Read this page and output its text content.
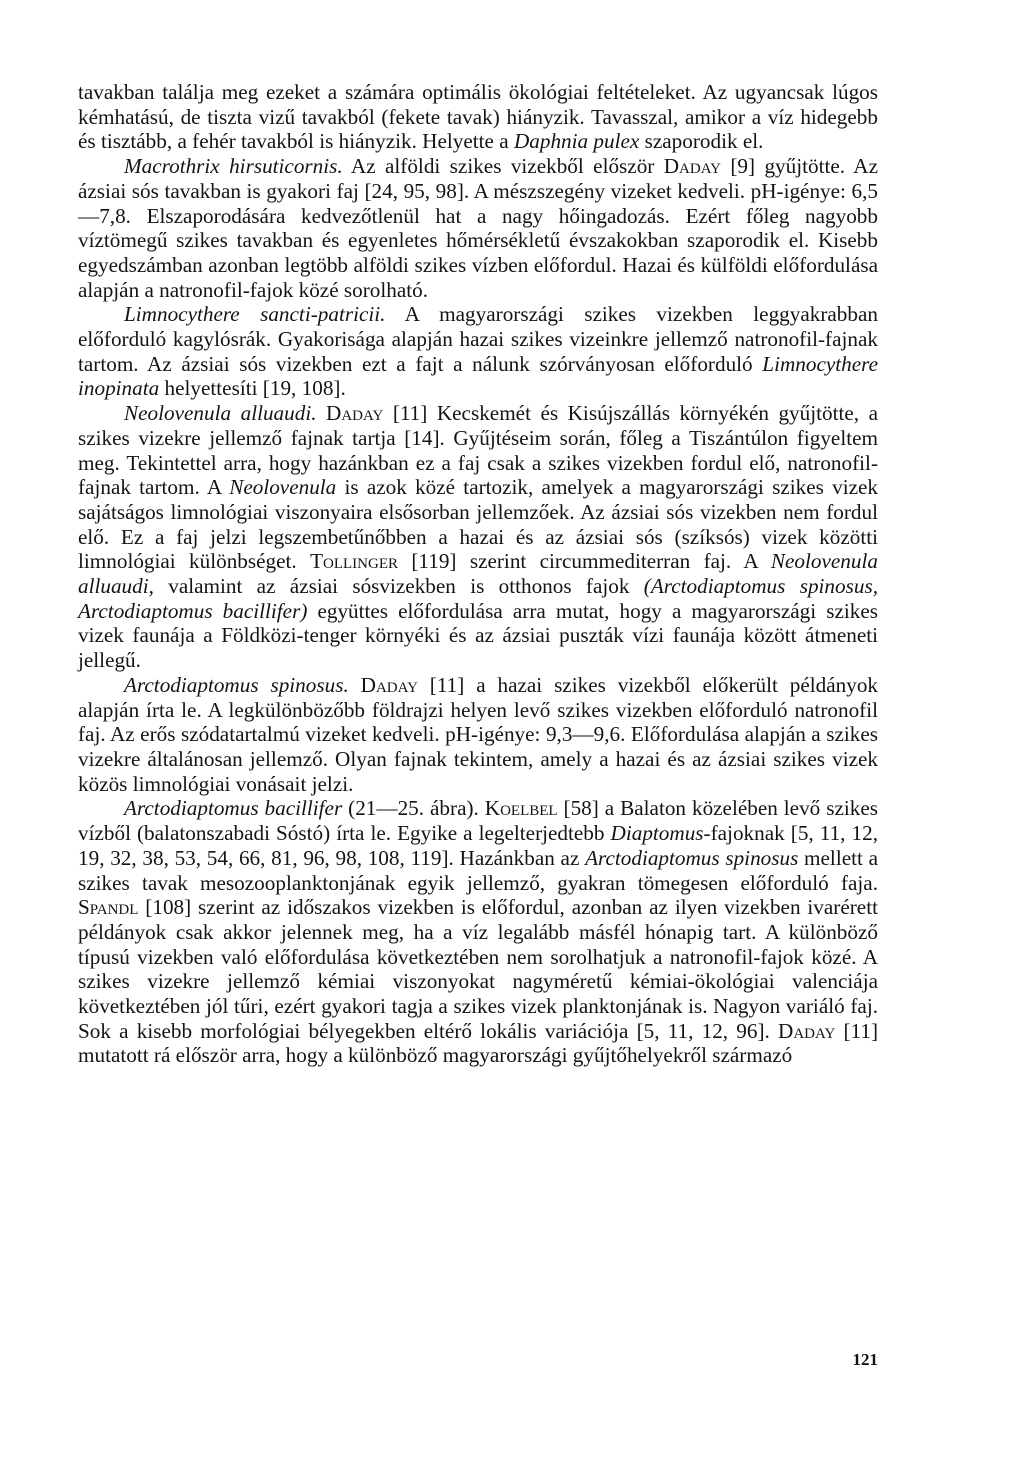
tavakban találja meg ezeket a számára optimális ökológiai feltételeket. Az ugyancsak lúgos kémhatású, de tiszta vizű tavakból (fekete tavak) hiányzik. Tavasszal, amikor a víz hidegebb és tisztább, a fehér tavakból is hiányzik. Helyette a Daphnia pulex szaporodik el.

Macrothrix hirsuticornis. Az alföldi szikes vizekből először Daday [9] gyűjtötte. Az ázsiai sós tavakban is gyakori faj [24, 95, 98]. A mészszegény vizeket kedveli. pH-igénye: 6,5—7,8. Elszaporodására kedvezőtlenül hat a nagy hőingadozás. Ezért főleg nagyobb víztömegű szikes tavakban és egyenletes hőmérsékletű évszakokban szaporodik el. Kisebb egyedszámban azonban legtöbb alföldi szikes vízben előfordul. Hazai és külföldi előfordulása alapján a natronofil-fajok közé sorolható.

Limnocythere sancti-patricii. A magyarországi szikes vizekben leggyakrabban előforduló kagylósrák. Gyakorisága alapján hazai szikes vizeinkre jellemző natronofil-fajnak tartom. Az ázsiai sós vizekben ezt a fajt a nálunk szórványosan előforduló Limnocythere inopinata helyettesíti [19, 108].

Neolovenula alluaudi. Daday [11] Kecskemét és Kisújszállás környékén gyűjtötte, a szikes vizekre jellemző fajnak tartja [14]. Gyűjtéseim során, főleg a Tiszántúlon figyeltem meg. Tekintettel arra, hogy hazánkban ez a faj csak a szikes vizekben fordul elő, natronofil-fajnak tartom. A Neolovenula is azok közé tartozik, amelyek a magyarországi szikes vizek sajátságos limnológiai viszonyaira elsősorban jellemzőek. Az ázsiai sós vizekben nem fordul elő. Ez a faj jelzi legszembetűnőbben a hazai és az ázsiai sós (szíksós) vizek közötti limnológiai különbséget. Tollinger [119] szerint circummediterran faj. A Neolovenula alluaudi, valamint az ázsiai sósvizekben is otthonos fajok (Arctodiaptomus spinosus, Arctodiaptomus bacillifer) együttes előfordulása arra mutat, hogy a magyarországi szikes vizek faunája a Földközi-tenger környéki és az ázsiai puszták vízi faunája között átmeneti jellegű.

Arctodiaptomus spinosus. Daday [11] a hazai szikes vizekből előkerült példányok alapján írta le. A legkülönbözőbb földrajzi helyen levő szikes vizekben előforduló natronofil faj. Az erős szódatartalmú vizeket kedveli. pH-igénye: 9,3—9,6. Előfordulása alapján a szikes vizekre általánosan jellemző. Olyan fajnak tekintem, amely a hazai és az ázsiai szikes vizek közös limnológiai vonásait jelzi.

Arctodiaptomus bacillifer (21—25. ábra). Koelbel [58] a Balaton közelében levő szikes vízből (balatonszabadi Sóstó) írta le. Egyike a legelterjedtebb Diaptomus-fajoknak [5, 11, 12, 19, 32, 38, 53, 54, 66, 81, 96, 98, 108, 119]. Hazánkban az Arctodiaptomus spinosus mellett a szikes tavak mesozooplanktonjának egyik jellemző, gyakran tömegesen előforduló faja. Spandl [108] szerint az időszakos vizekben is előfordul, azonban az ilyen vizekben ivarérett példányok csak akkor jelennek meg, ha a víz legalább másfél hónapig tart. A különböző típusú vizekben való előfordulása következtében nem sorolhatjuk a natronofil-fajok közé. A szikes vizekre jellemző kémiai viszonyokat nagyméretű kémiai-ökológiai valenciája következtében jól tűri, ezért gyakori tagja a szikes vizek planktonjának is. Nagyon variáló faj. Sok a kisebb morfológiai bélyegekben eltérő lokális variációja [5, 11, 12, 96]. Daday [11] mutatott rá először arra, hogy a különböző magyarországi gyűjtőhelyekről származó

121
